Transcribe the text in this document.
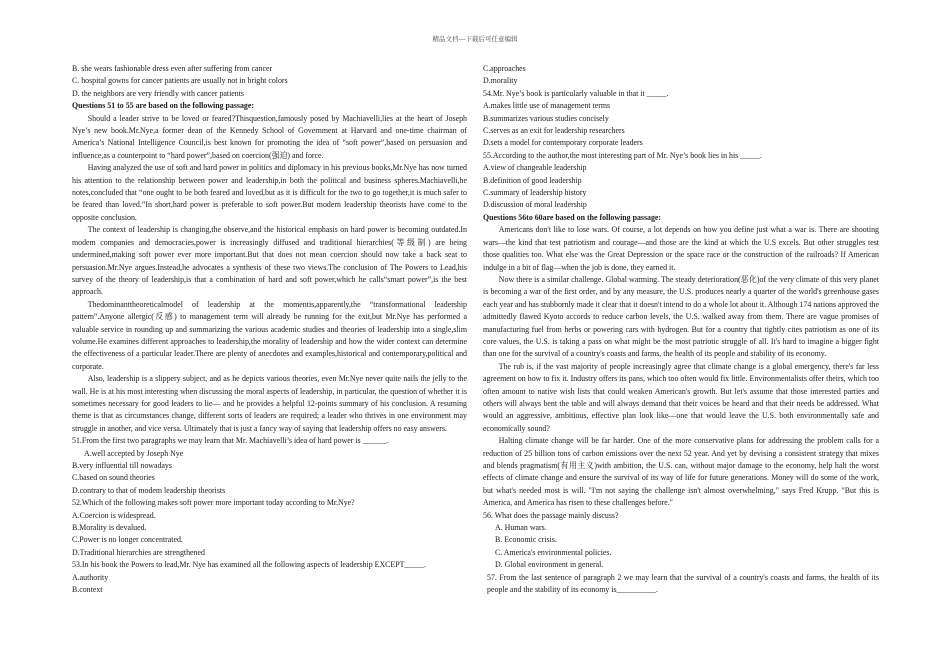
精品文档---下载后可任意编辑

B. she wears fashionable dress even after suffering from cancer

C. hospital gowns for cancer patients are usually not in bright colors

D. the neighbors are very friendly with cancer patients

Questions 51 to 55 are based on the following passage:

Should a leader strive to be loved or feared?Thisquestion,famously posed by Machiavelli,lies at the heart of Joseph Nye’s new book.Mr.Nye,a former dean of the Kennedy School of Government at Harvard and one-time chairman of America’s National Intelligence Council,is best known for promoting the idea of “soft power”,based on persuasion and influence,as a counterpoint to “hard power”,based on coercion(强迫) and force.

Having analyzed the use of soft and hard power in politics and diplomacy in his previous books,Mr.Nye has now turned his attention to the relationship between power and leadership,in both the political and business spheres.Machiavelli,he notes,concluded that “one ought to be both feared and loved,but as it is difficult for the two to go together,it is much safer to be feared than loved.”In short,hard power is preferable to soft power.But modern leadership theorists have come to the opposite conclusion.

The context of leadership is changing,the observe,and the historical emphasis on hard power is becoming outdated.In modem companies and democracies,power is increasingly diffused and traditional hierarchies(等级制) are being undermined,making soft power ever more important.But that does not mean coercion should now take a back seat to persuasion.Mr.Nye argues.Instead,he advocates a synthesis of these two views.The conclusion of The Powers to Lead,his survey of the theory of leadership,is that a combination of hard and soft power,which he calls“smart power”,is the best approach.

Thedominanttheoreticalmodel of leadership at the momentis,apparently,the “transformational leadership pattern”.Anyone allergic(反感) to management term will already be running for the exit,but Mr.Nye has performed a valuable service in rounding up and summarizing the various academic studies and theories of leadership into a single,slim volume.He examines different approaches to leadership,the morality of leadership and how the wider context can determine the effectiveness of a particular leader.There are plenty of anecdotes and examples,historical and contemporary,political and corporate.

Also, leadership is a slippery subject, and as he depicts various theories, even Mr.Nye never quite nails the jelly to the wall. He is at his most interesting when discussing the moral aspects of leadership, in particular, the question of whether it is sometimes necessary for good leaders to lie— and he provides a helpful 12-points summary of his conclusion. A resuming theme is that as circumstances change, different sorts of leaders are required; a leader who thrives in one environment may struggle in another, and vice versa. Ultimately that is just a fancy way of saying that leadership offers no easy answers.

51.From the first two paragraphs we may learn that Mr. Machiavelli’s idea of hard power is ______.

A.well accepted by Joseph Nye

B.very influential till nowadays

C.based on sound theories

D.contrary to that of modem leadership theorists

52.Which of the following makes soft power more important today according to Mr.Nye?

A.Coercion is widespread.

B.Morality is devalued.

C.Power is no longer concentrated.

D.Traditional hierarchies are strengthened

53.In his book the Powers to lead,Mr. Nye has examined all the following aspects of leadership EXCEPT_____.

A.authority

B.context

C.approaches

D.morality

54.Mr. Nye’s book is particularly valuable in that it _____.

A.makes little use of management terms

B.summarizes various studies concisely

C.serves as an exit for leadership researchers

D.sets a model for contemporary corporate leaders

55.According to the author,the most interesting part of Mr. Nye’s book lies in his _____.

A.view of changeable leadership

B.definition of good leadership

C.summary of leadership history

D.discussion of moral leadership

Questions 56to 60are based on the following passage:

Americans don't like to lose wars. Of course, a lot depends on how you define just what a war is. There are shooting wars—the kind that test patriotism and courage—and those are the kind at which the U.S excels. But other struggles test those qualities too. What else was the Great Depression or the space race or the construction of the railroads? If American indulge in a bit of flag—when the job is done, they earned it.

Now there is a similar challenge. Global warming. The steady deterioration(恶化)of the very climate of this very planet is becoming a war of the first order, and by any measure, the U.S. produces nearly a quarter of the world's greenhouse gases each year and has stubbornly made it clear that it doesn't intend to do a whole lot about it. Although 174 nations approved the admittedly flawed Kyoto accords to reduce carbon levels, the U.S. walked away from them. There are vague promises of manufacturing fuel from herbs or powering cars with hydrogen. But for a country that tightly cites patriotism as one of its core values, the U.S. is taking a pass on what might be the most patriotic struggle of all. It's hard to imagine a bigger fight than one for the survival of a country's coasts and farms, the health of its people and stability of its economy.

The rub is, if the vast majority of people increasingly agree that climate change is a global emergency, there's far less agreement on how to fix it. Industry offers its pans, which too often would fix little. Environmentalists offer theirs, which too often amount to native wish lists that could weaken American's growth. But let's assume that those interested parties and others will always bent the table and will always demand that their voices be heard and that their needs be addressed. What would an aggressive, ambitious, effective plan look like—one that would leave the U.S. both environmentally safe and economically sound?

Halting climate change will be far harder. One of the more conservative plans for addressing the problem calls for a reduction of 25 billion tons of carbon emissions over the next 52 year. And yet by devising a consistent strategy that mixes and blends pragmatism(有用主义)with ambition, the U.S. can, without major damage to the economy, help halt the worst effects of climate change and ensure the survival of its way of life for future generations. Money will do some of the work, but what's needed most is will. "I'm not saying the challenge isn't almost overwhelming," says Fred Krupp. "But this is America, and America has risen to these challenges before."

56. What does the passage mainly discuss?

A. Human wars.

B. Economic crisis.

C. America's environmental policies.

D. Global environment in general.

57. From the last sentence of paragraph 2 we may learn that the survival of a country's coasts and farms, the health of its people and the stability of its economy is__________.
